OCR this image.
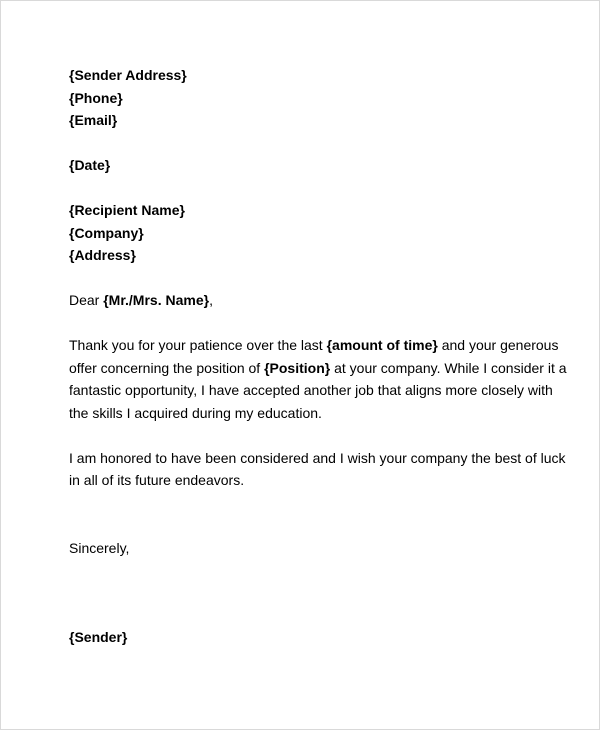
{Sender Address}

{Phone}

{Email}

{Date}

{Recipient Name}

{Company}

{Address}

Dear {Mr./Mrs. Name},

Thank you for your patience over the last {amount of time} and your generous offer concerning the position of {Position} at your company. While I consider it a fantastic opportunity, I have accepted another job that aligns more closely with the skills I acquired during my education.

I am honored to have been considered and I wish your company the best of luck in all of its future endeavors.

Sincerely,

{Sender}
